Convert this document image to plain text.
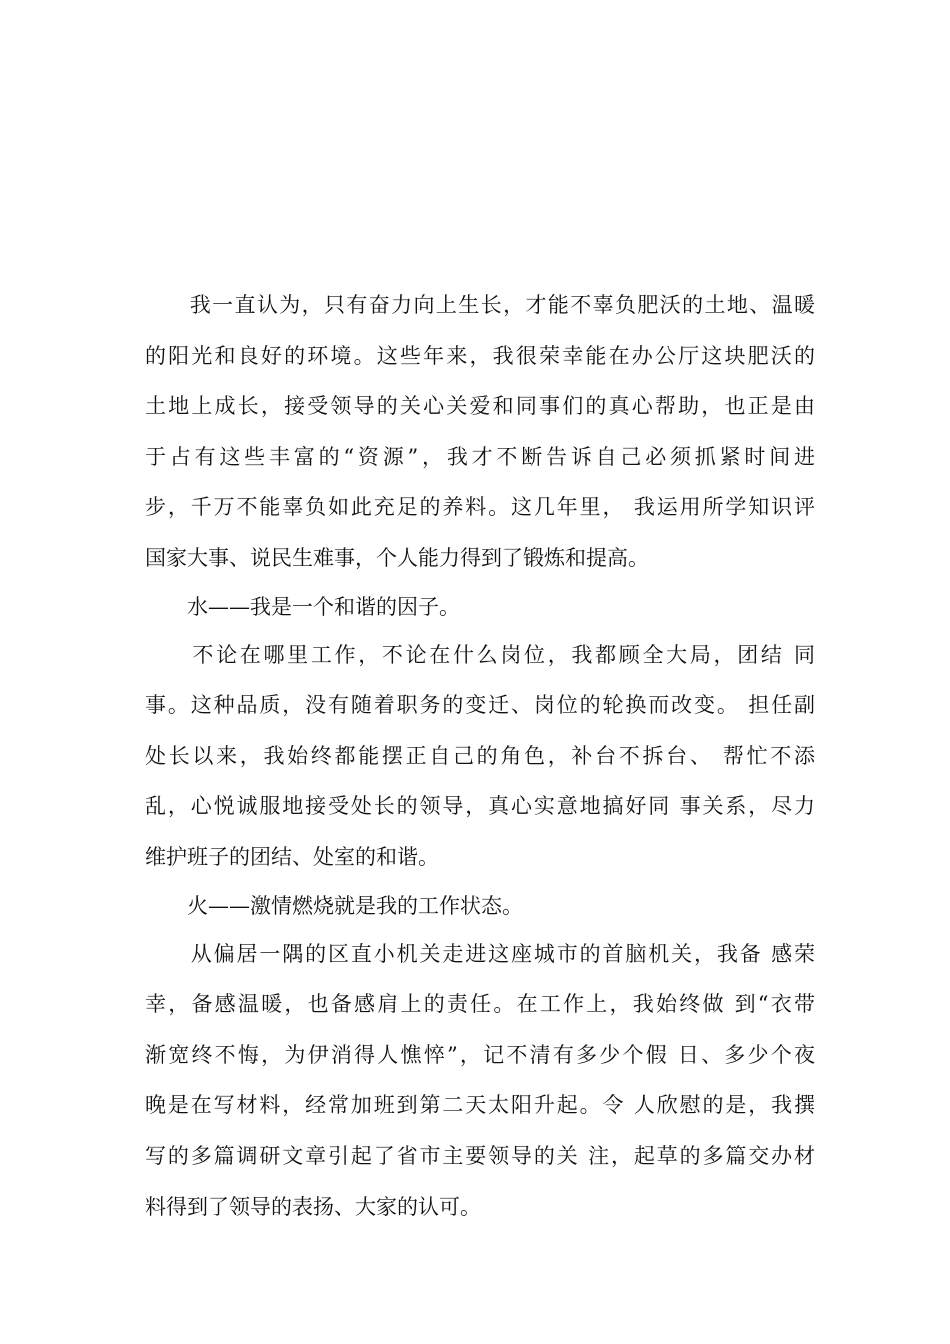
　　我一直认为，只有奋力向上生长，才能不辜负肥沃的土地、温暖
的阳光和良好的环境。这些年来，我很荣幸能在办公厅这块肥沃的
土地上成长，接受领导的关心关爱和同事们的真心帮助，也正是由
于占有这些丰富的“资源”，我才不断告诉自己必须抓紧时间进
步，千万不能辜负如此充足的养料。这几年里， 我运用所学知识评
国家大事、说民生难事，个人能力得到了锻炼和提高。
　　水——我是一个和谐的因子。
　　不论在哪里工作，不论在什么岗位，我都顾全大局，团结 同
事。这种品质，没有随着职务的变迁、岗位的轮换而改变。 担任副
处长以来，我始终都能摆正自己的角色，补台不拆台、 帮忙不添
乱，心悦诚服地接受处长的领导，真心实意地搞好同 事关系，尽力
维护班子的团结、处室的和谐。
　　火——激情燃烧就是我的工作状态。
　　从偏居一隅的区直小机关走进这座城市的首脑机关，我备 感荣
幸，备感温暖，也备感肩上的责任。在工作上，我始终做 到“衣带
渐宽终不悔，为伊消得人憔悴”，记不清有多少个假 日、多少个夜
晚是在写材料，经常加班到第二天太阳升起。令 人欣慰的是，我撰
写的多篇调研文章引起了省市主要领导的关 注，起草的多篇交办材
料得到了领导的表扬、大家的认可。
